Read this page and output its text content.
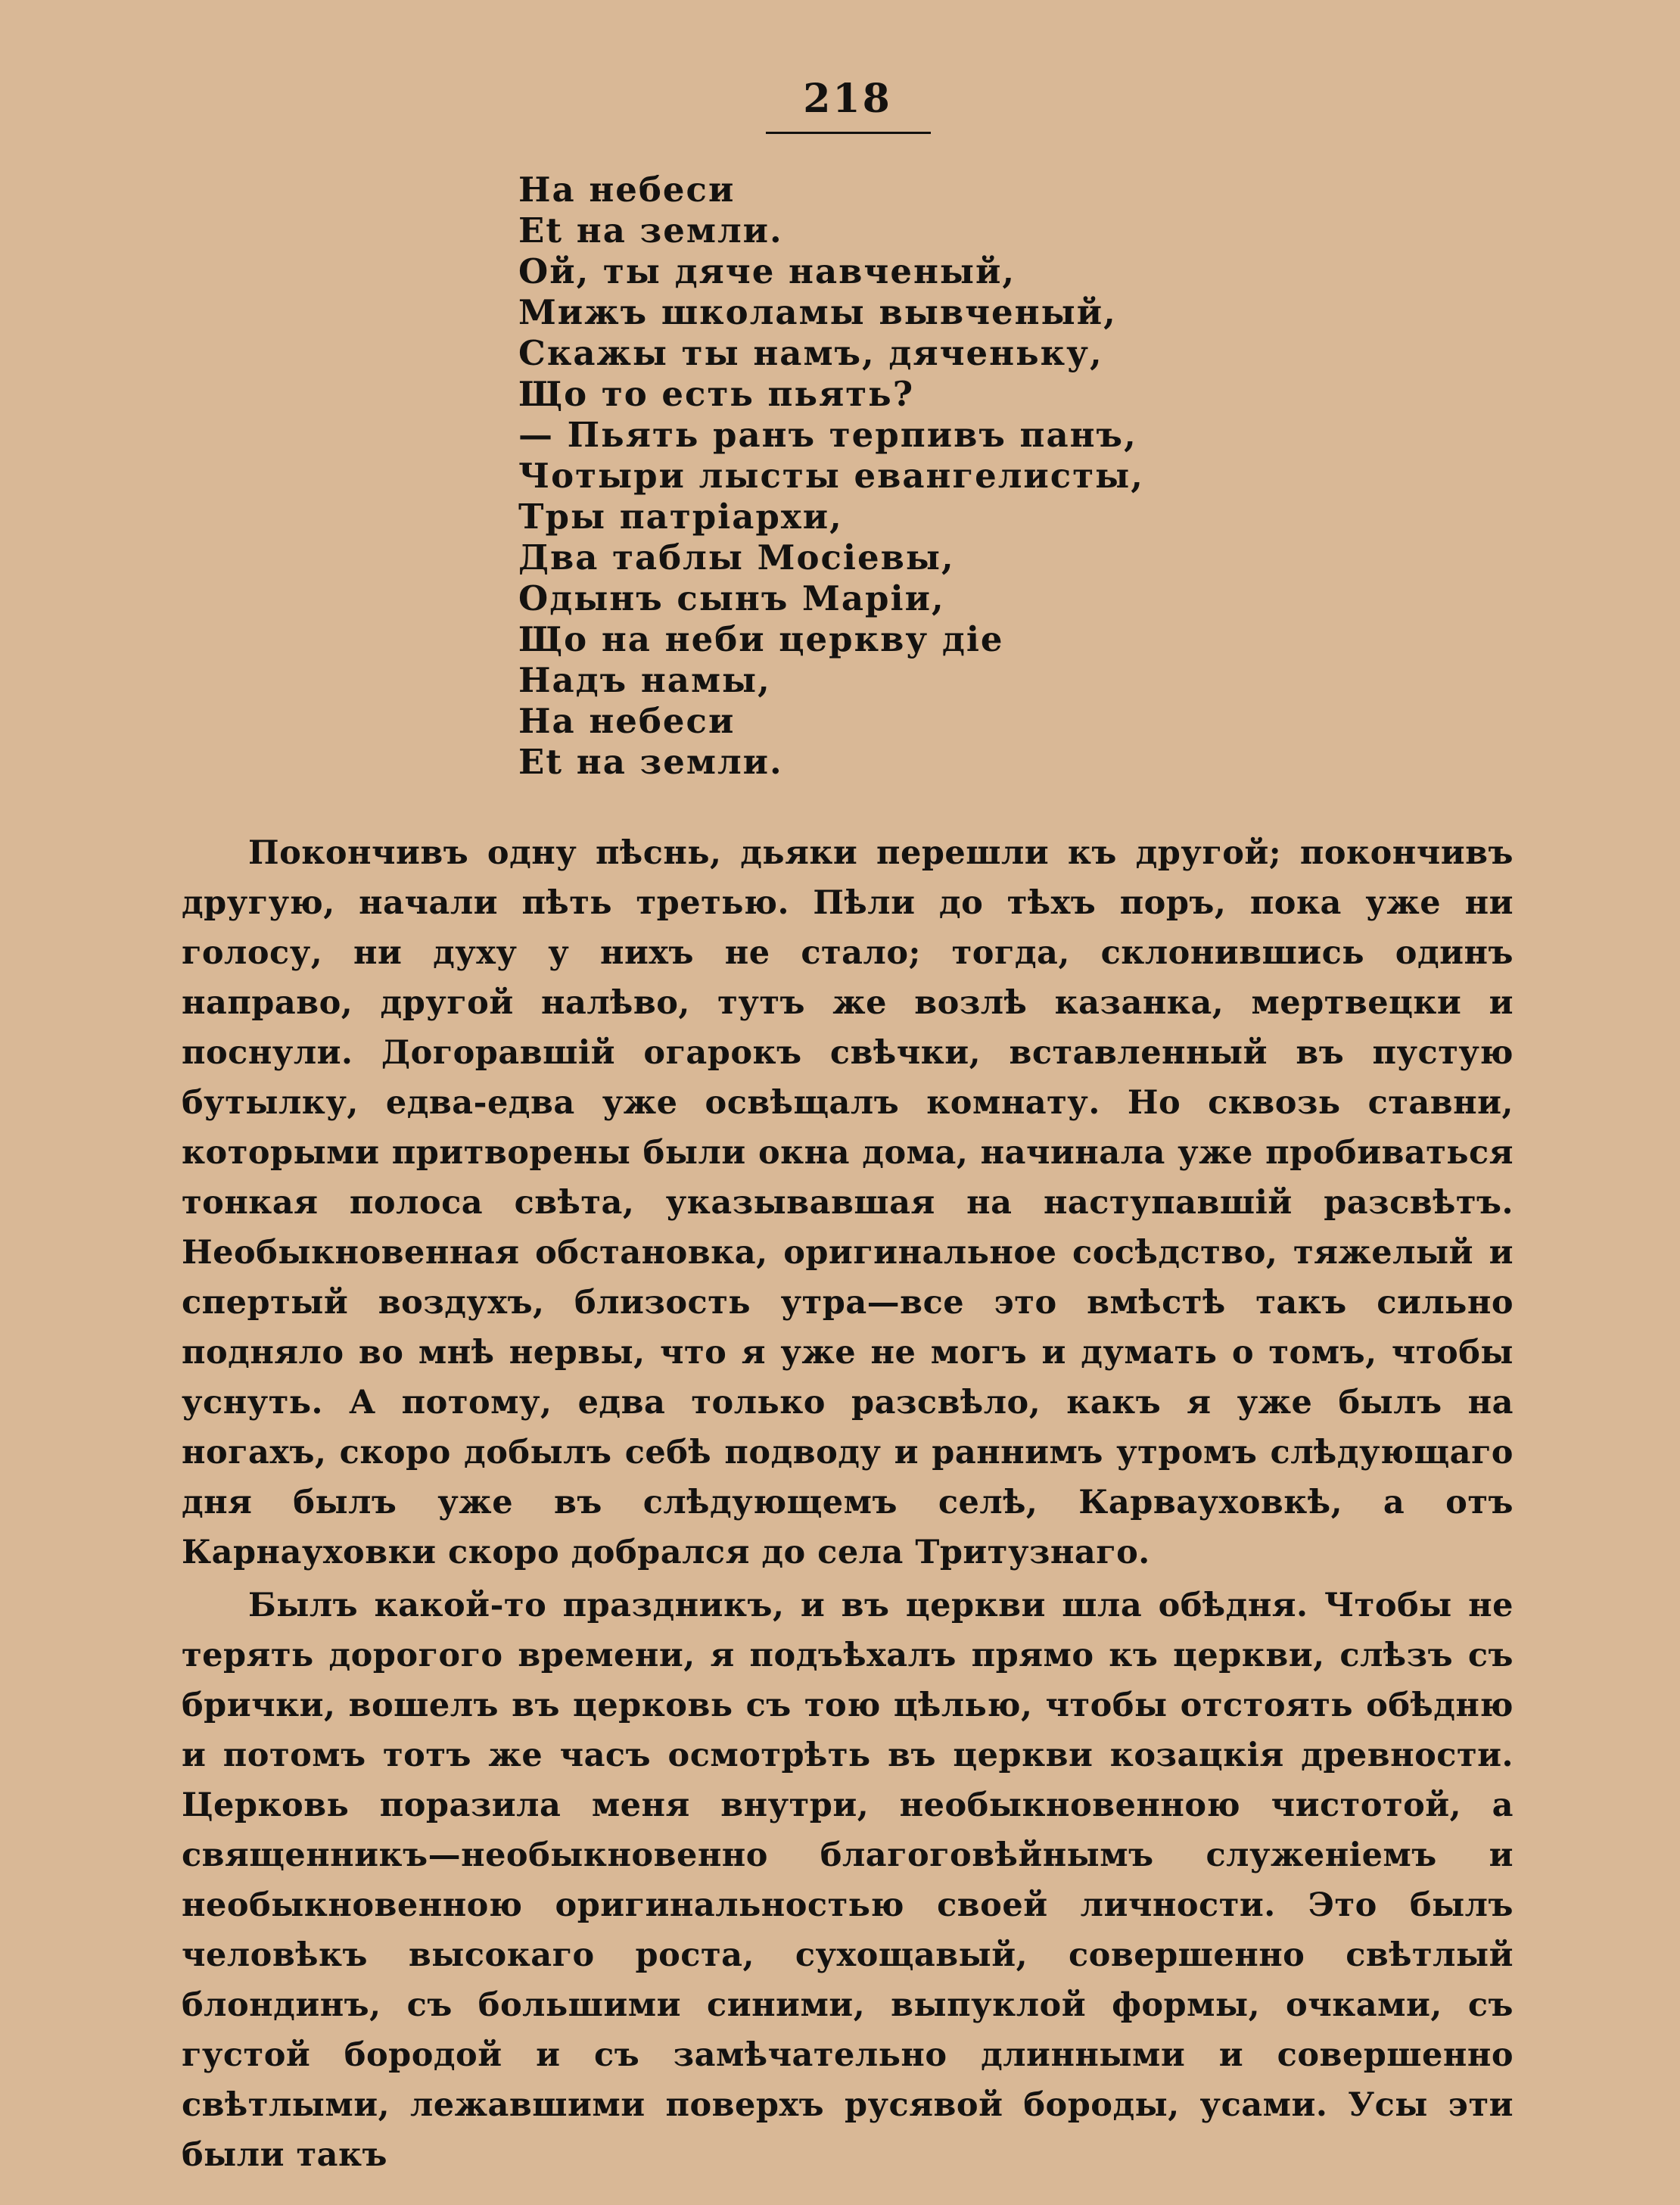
218
На небеси
Et на земли.
Ой, ты дяче навченый,
Мижъ школамы вывченый,
Скажы ты намъ, дяченьку,
Що то есть пьять?
— Пьять ранъ терпивъ панъ,
Чотыри лысты евангелисты,
Тры патріархи,
Два таблы Мосіевы,
Одынъ сынъ Маріи,
Що на неби церкву діе
Надъ намы,
На небеси
Et на земли.

Покончивъ одну пѣснь, дьяки перешли къ другой; покончивъ другую, начали пѣть третью. Пѣли до тѣхъ поръ, пока уже ни голосу, ни духу у нихъ не стало; тогда, склонившись одинъ направо, другой налѣво, тутъ же возлѣ казанка, мертвецки и поснули. Догоравшій огарокъ свѣчки, вставленный въ пустую бутылку, едва-едва уже освѣщалъ комнату. Но сквозь ставни, которыми притворены были окна дома, начинала уже пробиваться тонкая полоса свѣта, указывавшая на наступавшій разсвѣтъ. Необыкновенная обстановка, оригинальное сосѣдство, тяжелый и спертый воздухъ, близость утра—все это вмѣстѣ такъ сильно подняло во мнѣ нервы, что я уже не могъ и думать о томъ, чтобы уснуть. А потому, едва только разсвѣло, какъ я уже былъ на ногахъ, скоро добылъ себѣ подводу и раннимъ утромъ слѣдующаго дня былъ уже въ слѣдующемъ селѣ, Карвауховкѣ, а отъ Карнауховки скоро добрался до села Тритузнаго.

Былъ какой-то праздникъ, и въ церкви шла обѣдня. Чтобы не терять дорогого времени, я подъѣхалъ прямо къ церкви, слѣзъ съ брички, вошелъ въ церковь съ тою цѣлью, чтобы отстоять обѣдню и потомъ тотъ же часъ осмотрѣть въ церкви козацкія древности. Церковь поразила меня внутри, необыкновенною чистотой, а священникъ—необыкновенно благоговѣйнымъ служеніемъ и необыкновенною оригинальностью своей личности. Это былъ человѣкъ высокаго роста, сухощавый, совершенно свѣтлый блондинъ, съ большими синими, выпуклой формы, очками, съ густой бородой и съ замѣчательно длинными и совершенно свѣтлыми, лежавшими поверхъ русявой бороды, усами. Усы эти были такъ
